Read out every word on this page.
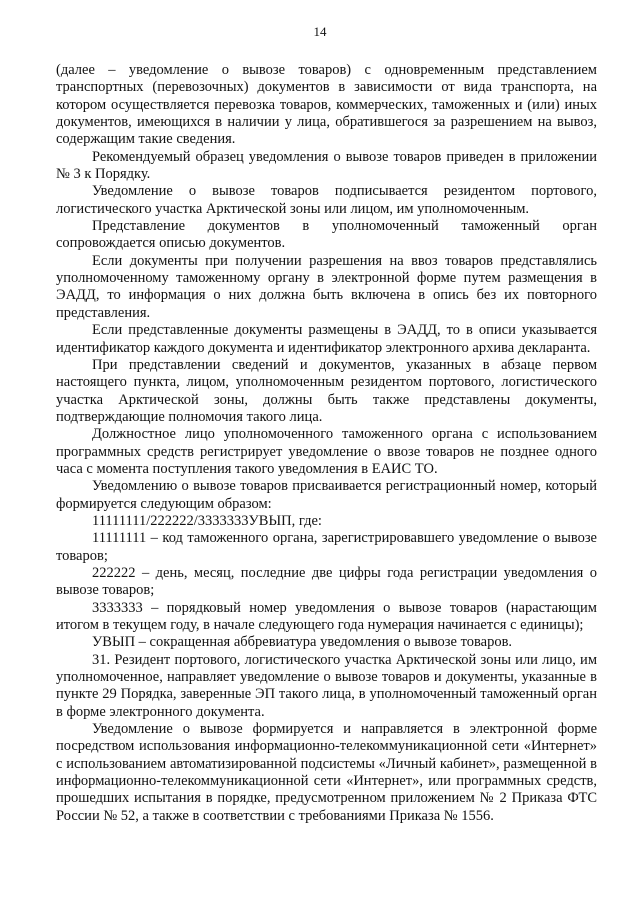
14

(далее – уведомление о вывозе товаров) с одновременным представлением транспортных (перевозочных) документов в зависимости от вида транспорта, на котором осуществляется перевозка товаров, коммерческих, таможенных и (или) иных документов, имеющихся в наличии у лица, обратившегося за разрешением на вывоз, содержащим такие сведения.

Рекомендуемый образец уведомления о вывозе товаров приведен в приложении № 3 к Порядку.

Уведомление о вывозе товаров подписывается резидентом портового, логистического участка Арктической зоны или лицом, им уполномоченным.

Представление документов в уполномоченный таможенный орган сопровождается описью документов.

Если документы при получении разрешения на ввоз товаров представлялись уполномоченному таможенному органу в электронной форме путем размещения в ЭАДД, то информация о них должна быть включена в опись без их повторного представления.

Если представленные документы размещены в ЭАДД, то в описи указывается идентификатор каждого документа и идентификатор электронного архива декларанта.

При представлении сведений и документов, указанных в абзаце первом настоящего пункта, лицом, уполномоченным резидентом портового, логистического участка Арктической зоны, должны быть также представлены документы, подтверждающие полномочия такого лица.

Должностное лицо уполномоченного таможенного органа с использованием программных средств регистрирует уведомление о ввозе товаров не позднее одного часа с момента поступления такого уведомления в ЕАИС ТО.

Уведомлению о вывозе товаров присваивается регистрационный номер, который формируется следующим образом:

11111111/222222/3333333УВЫП, где:

11111111 – код таможенного органа, зарегистрировавшего уведомление о вывозе товаров;

222222 – день, месяц, последние две цифры года регистрации уведомления о вывозе товаров;

3333333 – порядковый номер уведомления о вывозе товаров (нарастающим итогом в текущем году, в начале следующего года нумерация начинается с единицы);

УВЫП – сокращенная аббревиатура уведомления о вывозе товаров.

31. Резидент портового, логистического участка Арктической зоны или лицо, им уполномоченное, направляет уведомление о вывозе товаров и документы, указанные в пункте 29 Порядка, заверенные ЭП такого лица, в уполномоченный таможенный орган в форме электронного документа.

Уведомление о вывозе формируется и направляется в электронной форме посредством использования информационно-телекоммуникационной сети «Интернет» с использованием автоматизированной подсистемы «Личный кабинет», размещенной в информационно-телекоммуникационной сети «Интернет», или программных средств, прошедших испытания в порядке, предусмотренном приложением № 2 Приказа ФТС России № 52, а также в соответствии с требованиями Приказа № 1556.
